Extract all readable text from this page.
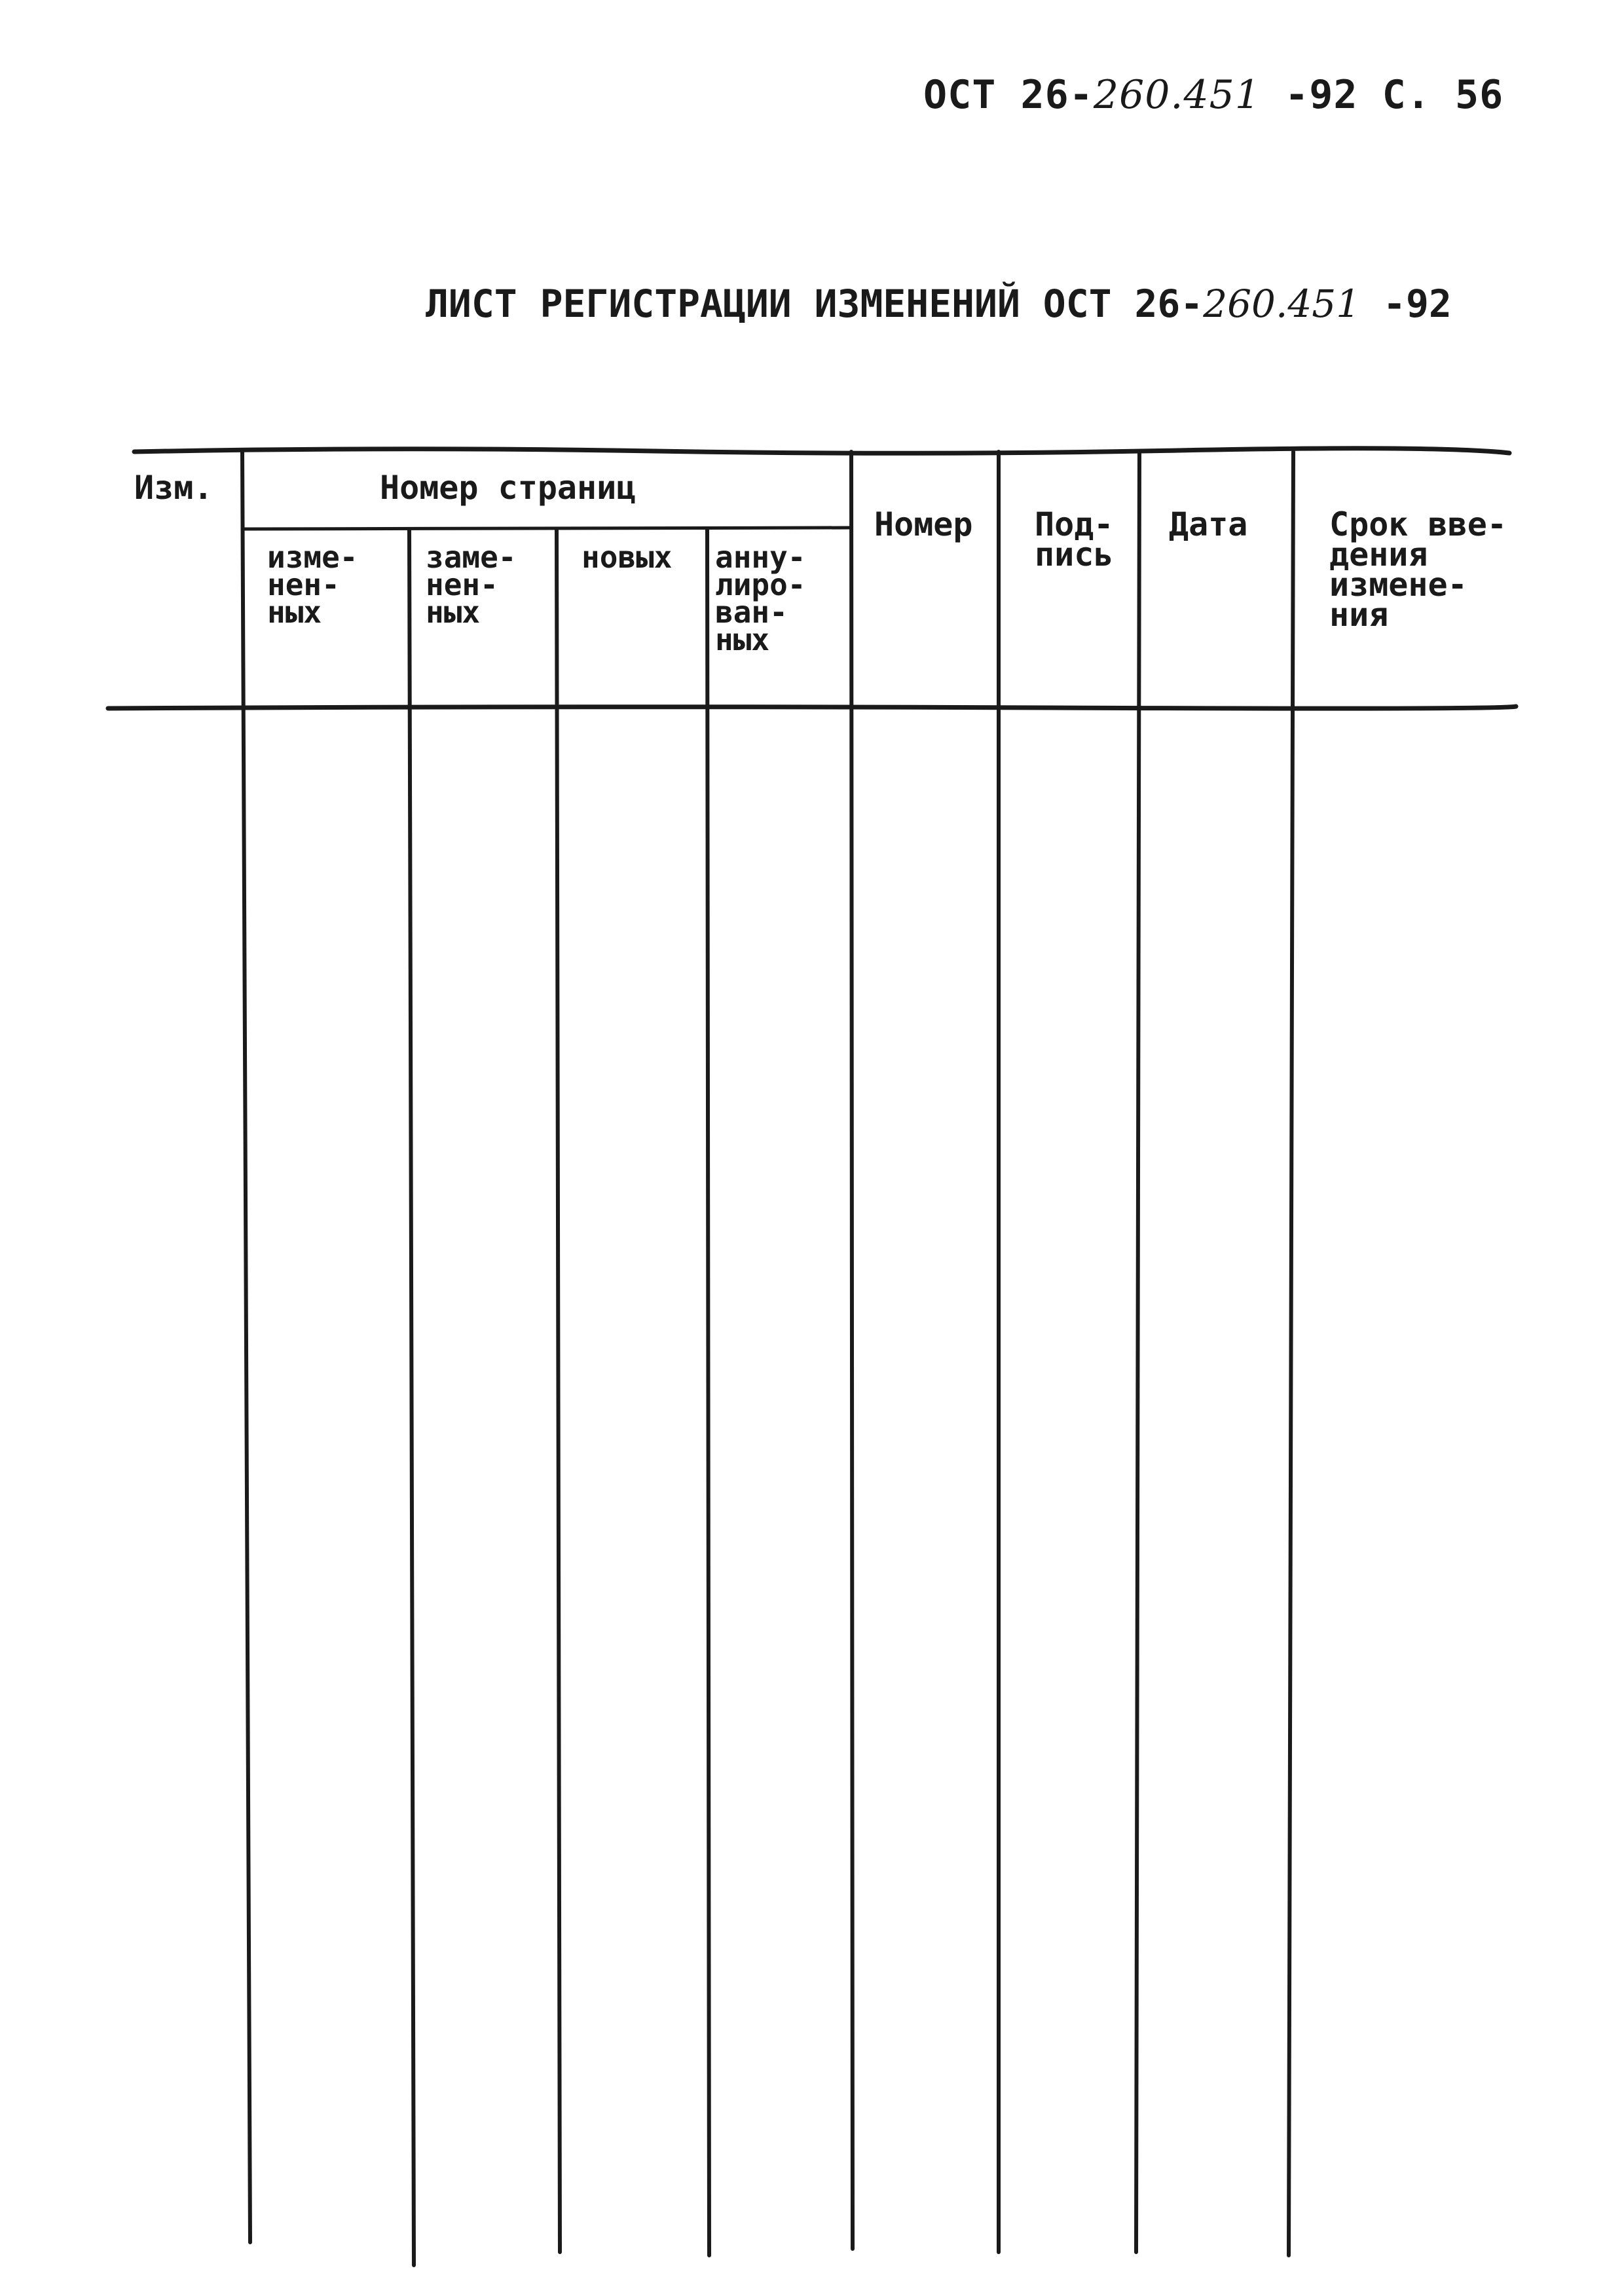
ОСТ 26-260.451 -92 С. 56
ЛИСТ РЕГИСТРАЦИИ ИЗМЕНЕНИЙ ОСТ 26-260.451 -92
Изм.	Номер страниц
изме-
нен-
ных
заме-
нен-
ных
новых анну-
лиро-
ван-
ных
Номер Под-
пись
Дата Срок вве-
дения
измене-
ния
